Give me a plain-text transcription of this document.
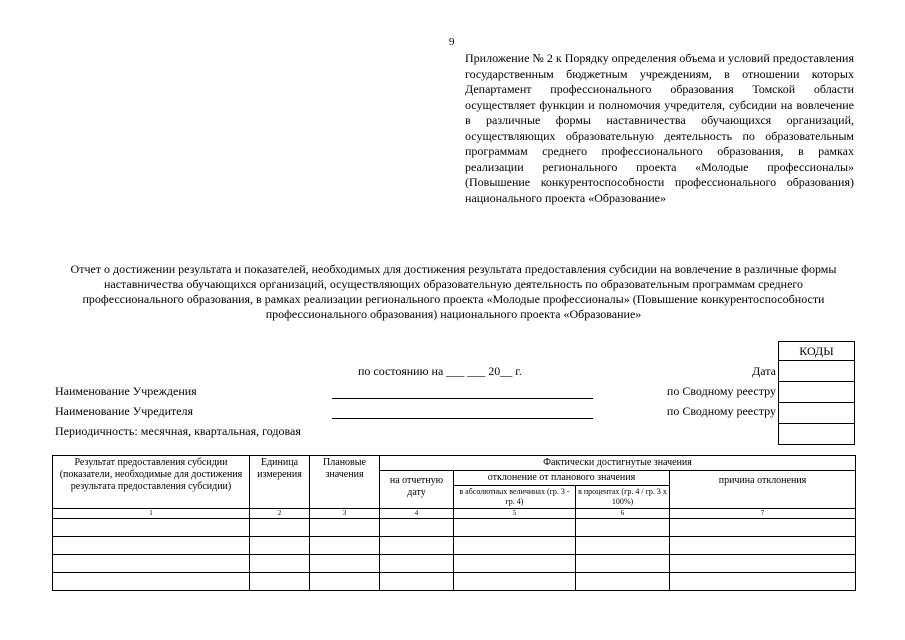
9
Приложение № 2 к Порядку определения объема и условий предоставления государственным бюджетным учреждениям, в отношении которых Департамент профессионального образования Томской области осуществляет функции и полномочия учредителя, субсидии на вовлечение в различные формы наставничества обучающихся организаций, осуществляющих образовательную деятельность по образовательным программам среднего профессионального образования, в рамках реализации регионального проекта «Молодые профессионалы» (Повышение конкурентоспособности профессионального образования) национального проекта «Образование»
Отчет о достижении результата и показателей, необходимых для достижения результата предоставления субсидии на вовлечение в различные формы наставничества обучающихся организаций, осуществляющих образовательную деятельность по образовательным программам среднего профессионального образования, в рамках реализации регионального проекта «Молодые профессионалы» (Повышение конкурентоспособности профессионального образования) национального проекта «Образование»
КОДЫ

по состоянию на ___ ___ 20__ г.	Дата
Наименование Учреждения	по Сводному реестру
Наименование Учредителя	по Сводному реестру
Периодичность: месячная, квартальная, годовая
Результат предоставления субсидии (показатели, необходимые для достижения результата предоставления субсидии)	Единица измерения	Плановые значения	Фактически достигнутые значения			
			на отчетную дату	отклонение от планового значения		причина отклонения
				в абсолютных величинах (гр. 3 - гр. 4)	в процентах (гр. 4 / гр. 3 x 100%)	
1	2	3	4	5	6	7
